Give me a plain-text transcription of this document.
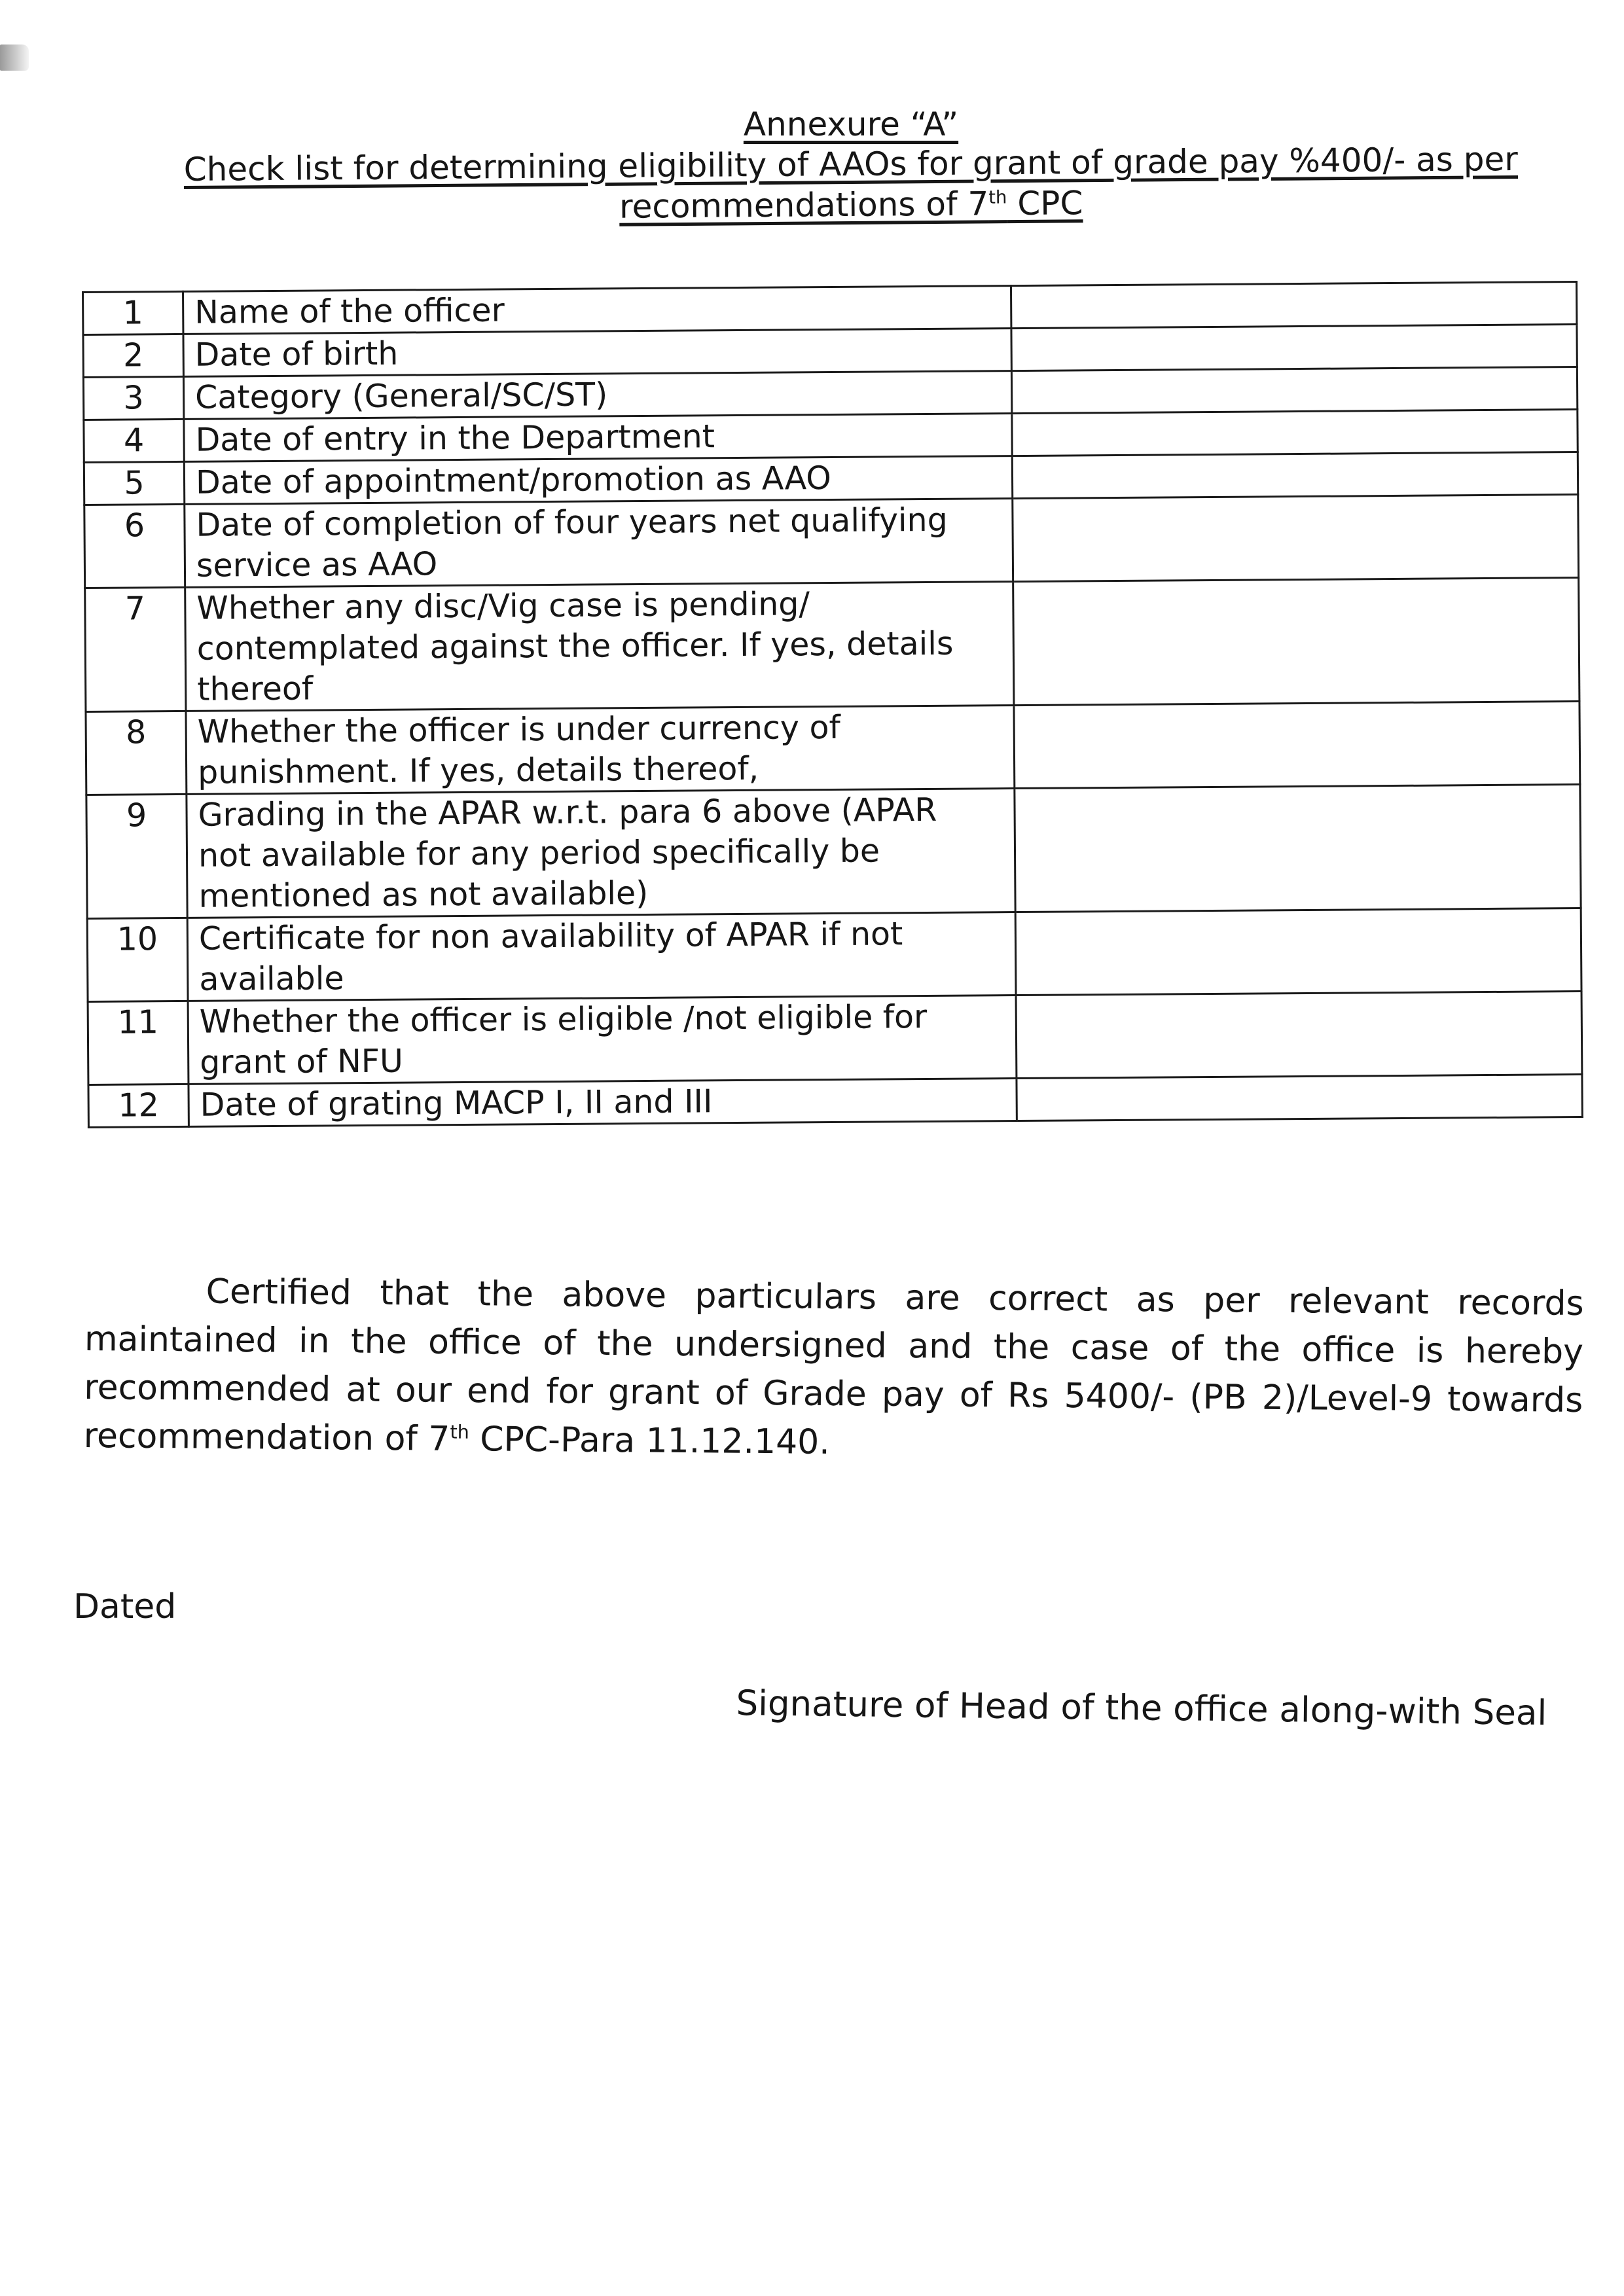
Annexure “A”

Check list for determining eligibility of AAOs for grant of grade pay %400/- as per
recommendations of 7th CPC

1	Name of the officer	

2	Date of birth	

3	Category (General/SC/ST)	

4	Date of entry in the Department	

5	Date of appointment/promotion as AAO	

6	Date of completion of four years net qualifying
service as AAO	

7	Whether any disc/Vig case is pending/
contemplated against the officer. If yes, details
thereof	

8	Whether the officer is under currency of
punishment. If yes, details thereof,	

9	Grading in the APAR w.r.t. para 6 above (APAR
not available for any period specifically be
mentioned as not available)	

10	Certificate for non availability of APAR if not
available	

11	Whether the officer is eligible /not eligible for
grant of NFU	

12	Date of grating MACP I, II and III	

Certified that the above particulars are correct as per relevant records maintained in the office of the undersigned and the case of the office is hereby recommended at our end for grant of Grade pay of Rs 5400/- (PB 2)/Level-9 towards recommendation of 7th CPC-Para 11.12.140.

Dated

Signature of Head of the office along-with Seal
